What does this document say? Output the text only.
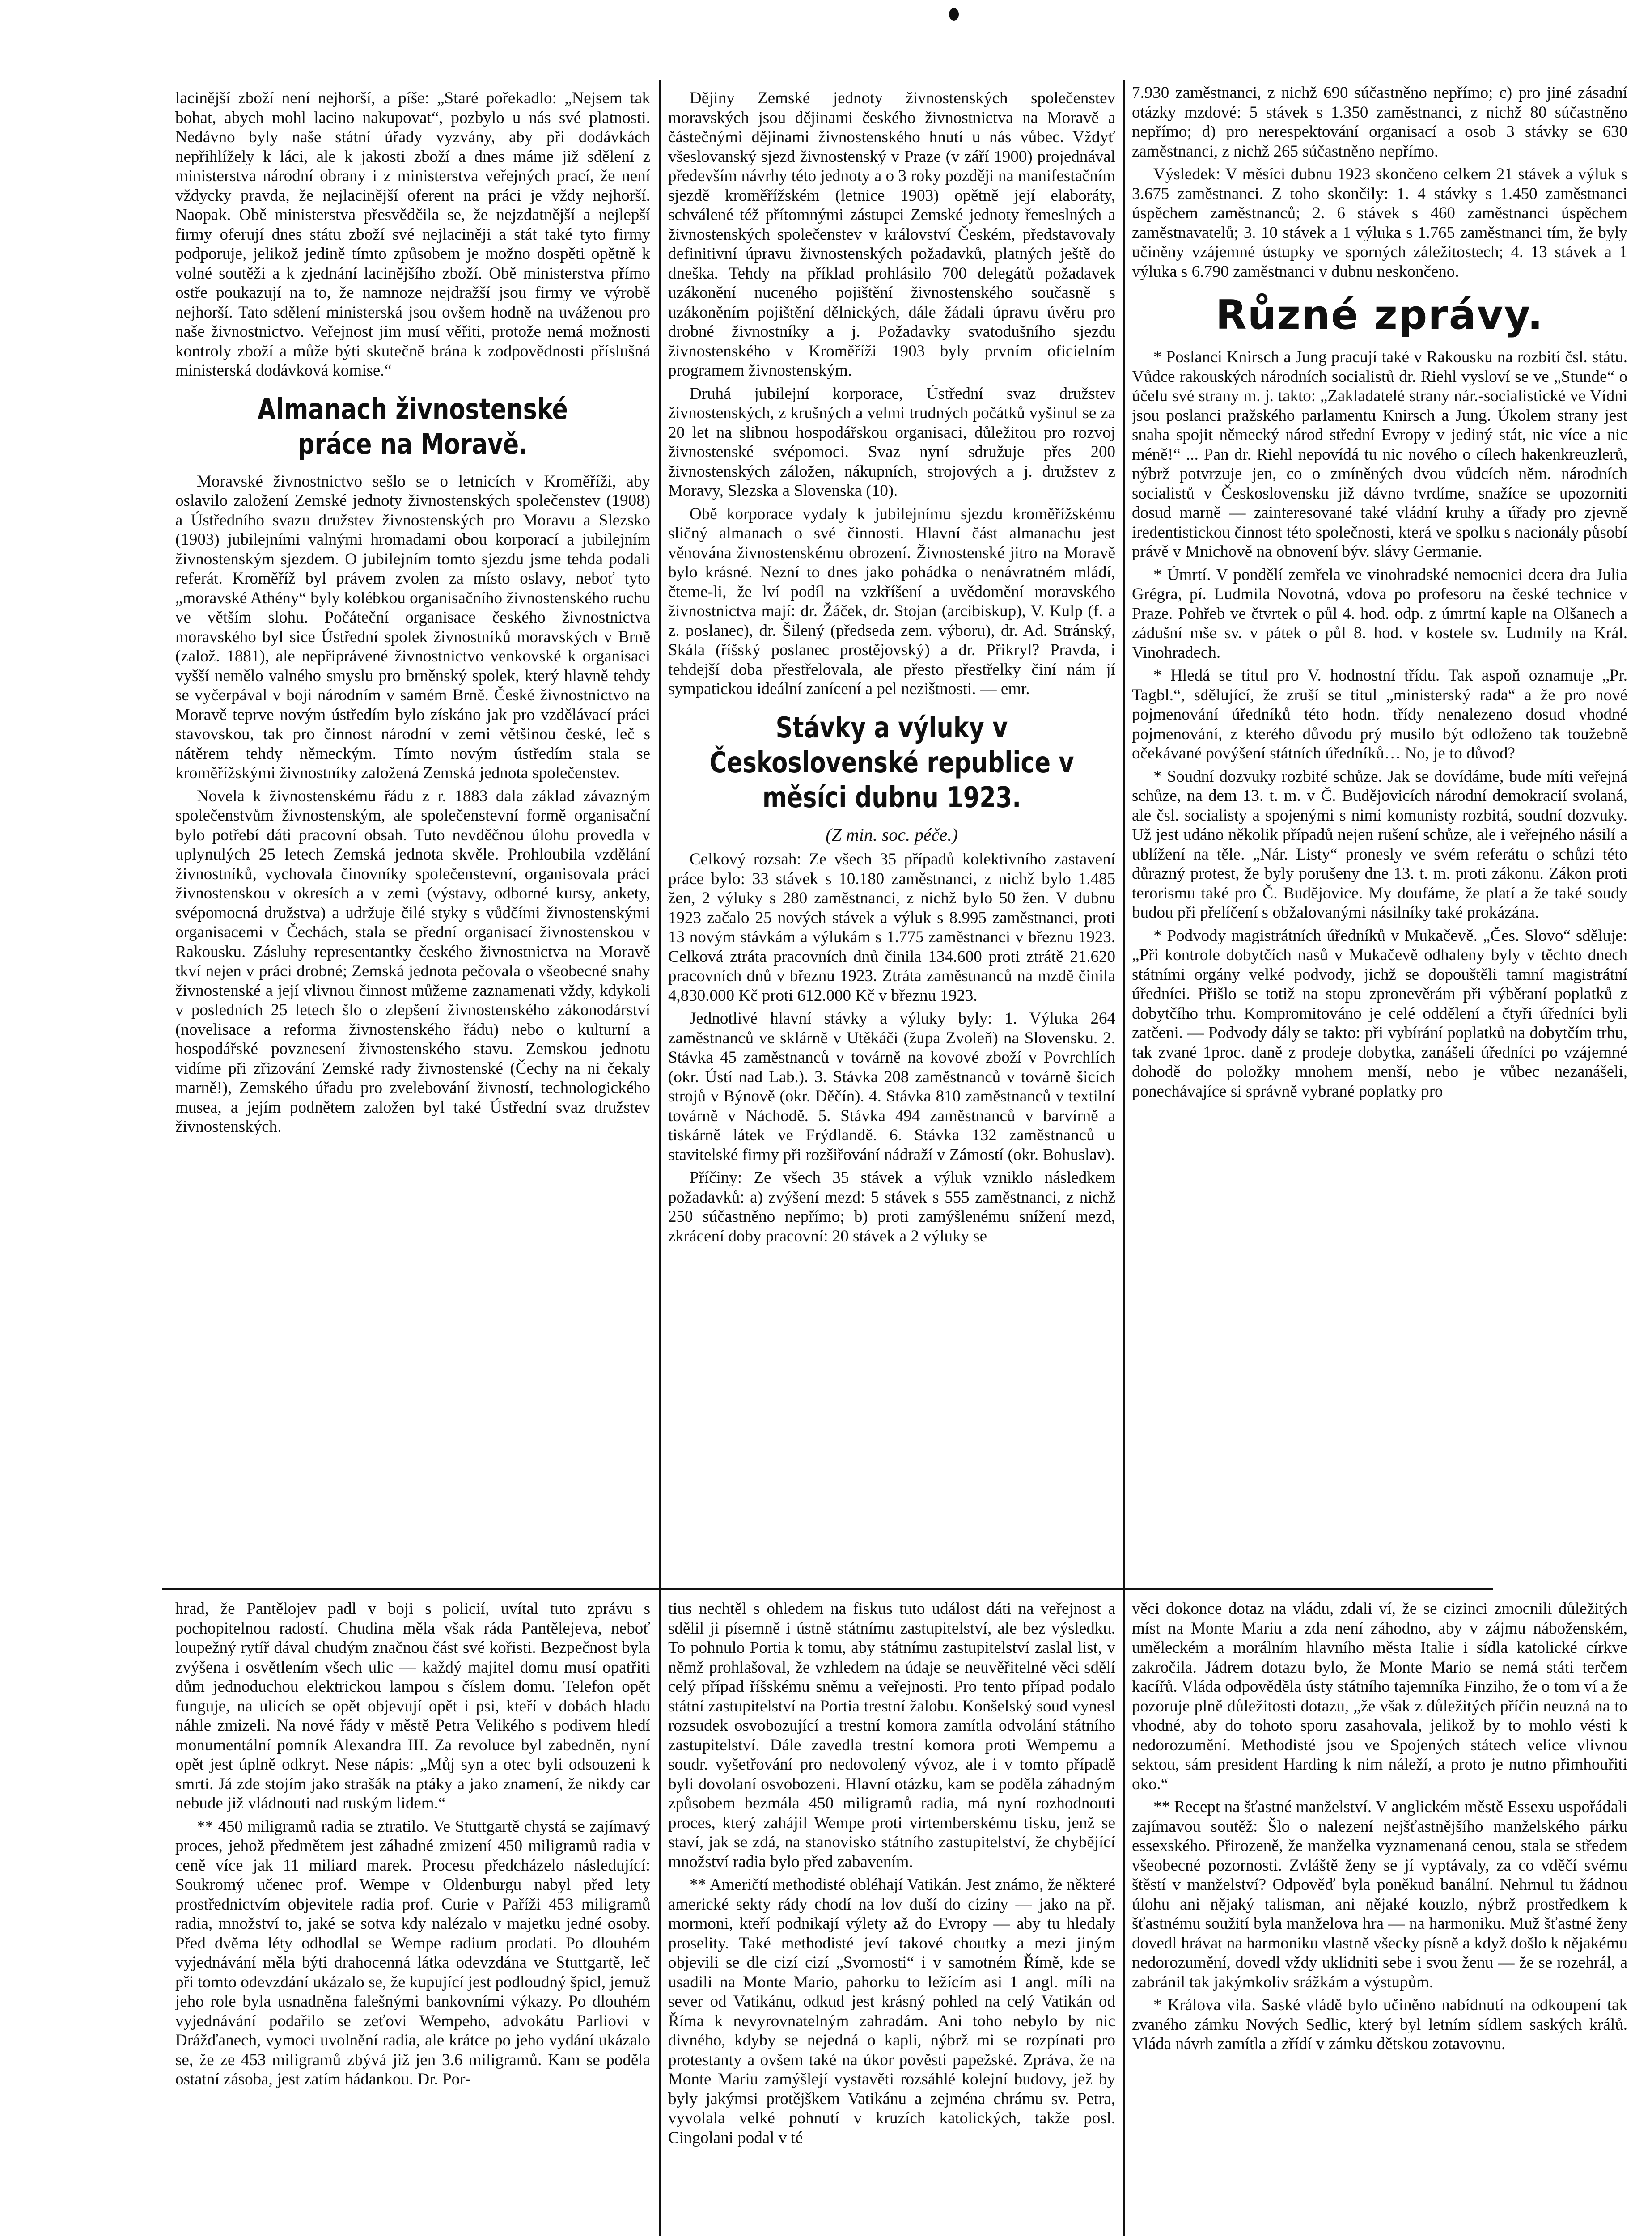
lacinější zboží není nejhorší, a píše: „Staré pořekadlo: „Nejsem tak bohat, abych mohl lacino nakupovat“, pozbylo u nás své platnosti. Nedávno byly naše státní úřady vyzvány, aby při dodávkách nepřihlížely k láci, ale k jakosti zboží a dnes máme již sdělení z ministerstva národní obrany i z ministerstva veřejných prací, že není vždycky pravda, že nejlacinější oferent na práci je vždy nejhorší. Naopak. Obě ministerstva přesvědčila se, že nejzdatnější a nejlepší firmy oferují dnes státu zboží své nejlaciněji a stát také tyto firmy podporuje, jelikož jedině tímto způsobem je možno dospěti opětně k volné soutěži a k zjednání lacinějšího zboží. Obě ministerstva přímo ostře poukazují na to, že namnoze nejdražší jsou firmy ve výrobě nejhorší. Tato sdělení ministerská jsou ovšem hodně na uváženou pro naše živnostnictvo. Veřejnost jim musí věřiti, protože nemá možnosti kontroly zboží a může býti skutečně brána k zodpovědnosti příslušná ministerská dodávková komise.“

Almanach živnostenské práce na Moravě.

Moravské živnostnictvo sešlo se o letnicích v Kroměříži, aby oslavilo založení Zemské jednoty živnostenských společenstev (1908) a Ústředního svazu družstev živnostenských pro Moravu a Slezsko (1903) jubilejními valnými hromadami obou korporací a jubilejním živnostenským sjezdem. O jubilejním tomto sjezdu jsme tehda podali referát. Kroměříž byl právem zvolen za místo oslavy, neboť tyto „moravské Athény“ byly kolébkou organisačního živnostenského ruchu ve větším slohu. Počáteční organisace českého živnostnictva moravského byl sice Ústřední spolek živnostníků moravských v Brně (založ. 1881), ale nepřiprávené živnostnictvo venkovské k organisaci vyšší nemělo valného smyslu pro brněnský spolek, který hlavně tehdy se vyčerpával v boji národním v samém Brně. České živnostnictvo na Moravě teprve novým ústředím bylo získáno jak pro vzdělávací práci stavovskou, tak pro činnost národní v zemi většinou české, leč s nátěrem tehdy německým. Tímto novým ústředím stala se kroměřížskými živnostníky založená Zemská jednota společenstev.

Novela k živnostenskému řádu z r. 1883 dala základ závazným společenstvům živnostenským, ale společenstevní formě organisační bylo potřebí dáti pracovní obsah. Tuto nevděčnou úlohu provedla v uplynulých 25 letech Zemská jednota skvěle. Prohloubila vzdělání živnostníků, vychovala činovníky společenstevní, organisovala práci živnostenskou v okresích a v zemi (výstavy, odborné kursy, ankety, svépomocná družstva) a udržuje čilé styky s vůdčími živnostenskými organisacemi v Čechách, stala se přední organisací živnostenskou v Rakousku. Zásluhy representantky českého živnostnictva na Moravě tkví nejen v práci drobné; Zemská jednota pečovala o všeobecné snahy živnostenské a její vlivnou činnost můžeme zaznamenati vždy, kdykoli v posledních 25 letech šlo o zlepšení živnostenského zákonodárství (novelisace a reforma živnostenského řádu) nebo o kulturní a hospodářské povznesení živnostenského stavu. Zemskou jednotu vidíme při zřizování Zemské rady živnostenské (Čechy na ni čekaly marně!), Zemského úřadu pro zvelebování živností, technologického musea, a jejím podnětem založen byl také Ústřední svaz družstev živnostenských.

Dějiny Zemské jednoty živnostenských společenstev moravských jsou dějinami českého živnostnictva na Moravě a částečnými dějinami živnostenského hnutí u nás vůbec. Vždyť všeslovanský sjezd živnostenský v Praze (v září 1900) projednával především návrhy této jednoty a o 3 roky později na manifestačním sjezdě kroměřížském (letnice 1903) opětně její elaboráty, schválené též přítomnými zástupci Zemské jednoty řemeslných a živnostenských společenstev v království Českém, představovaly definitivní úpravu živnostenských požadavků, platných ještě do dneška. Tehdy na příklad prohlásilo 700 delegátů požadavek uzákonění nuceného pojištění živnostenského současně s uzákoněním pojištění dělnických, dále žádali úpravu úvěru pro drobné živnostníky a j. Požadavky svatodušního sjezdu živnostenského v Kroměříži 1903 byly prvním oficielním programem živnostenským.

Druhá jubilejní korporace, Ústřední svaz družstev živnostenských, z krušných a velmi trudných počátků vyšinul se za 20 let na slibnou hospodářskou organisaci, důležitou pro rozvoj živnostenské svépomoci. Svaz nyní sdružuje přes 200 živnostenských záložen, nákupních, strojových a j. družstev z Moravy, Slezska a Slovenska (10).

Obě korporace vydaly k jubilejnímu sjezdu kroměřížskému sličný almanach o své činnosti. Hlavní část almanachu jest věnována živnostenskému obrození. Živnostenské jitro na Moravě bylo krásné. Nezní to dnes jako pohádka o nenávratném mládí, čteme-li, že lví podíl na vzkříšení a uvědomění moravského živnostnictva mají: dr. Žáček, dr. Stojan (arcibiskup), V. Kulp (f. a z. poslanec), dr. Šilený (předseda zem. výboru), dr. Ad. Stránský, Skála (říšský poslanec prostějovský) a dr. Přikryl? Pravda, i tehdejší doba přestřelovala, ale přesto přestřelky činí nám jí sympatickou ideální zanícení a pel nezištnosti. — emr.

Stávky a výluky v Československé republice v měsíci dubnu 1923.
(Z min. soc. péče.)

Celkový rozsah: Ze všech 35 případů kolektivního zastavení práce bylo: 33 stávek s 10.180 zaměstnanci, z nichž bylo 1.485 žen, 2 výluky s 280 zaměstnanci, z nichž bylo 50 žen. V dubnu 1923 začalo 25 nových stávek a výluk s 8.995 zaměstnanci, proti 13 novým stávkám a výlukám s 1.775 zaměstnanci v březnu 1923. Celková ztráta pracovních dnů činila 134.600 proti ztrátě 21.620 pracovních dnů v březnu 1923. Ztráta zaměstnanců na mzdě činila 4,830.000 Kč proti 612.000 Kč v březnu 1923.

Jednotlivé hlavní stávky a výluky byly: 1. Výluka 264 zaměstnanců ve sklárně v Utěkáči (župa Zvoleň) na Slovensku. 2. Stávka 45 zaměstnanců v továrně na kovové zboží v Povrchlích (okr. Ústí nad Lab.). 3. Stávka 208 zaměstnanců v továrně šicích strojů v Býnově (okr. Děčín). 4. Stávka 810 zaměstnanců v textilní továrně v Náchodě. 5. Stávka 494 zaměstnanců v barvírně a tiskárně látek ve Frýdlandě. 6. Stávka 132 zaměstnanců u stavitelské firmy při rozšiřování nádraží v Zámostí (okr. Bohuslav).

Příčiny: Ze všech 35 stávek a výluk vzniklo následkem požadavků: a) zvýšení mezd: 5 stávek s 555 zaměstnanci, z nichž 250 súčastněno nepřímo; b) proti zamýšlenému snížení mezd, zkrácení doby pracovní: 20 stávek a 2 výluky se

7.930 zaměstnanci, z nichž 690 súčastněno nepřímo; c) pro jiné zásadní otázky mzdové: 5 stávek s 1.350 zaměstnanci, z nichž 80 súčastněno nepřímo; d) pro nerespektování organisací a osob 3 stávky se 630 zaměstnanci, z nichž 265 súčastněno nepřímo.

Výsledek: V měsíci dubnu 1923 skončeno celkem 21 stávek a výluk s 3.675 zaměstnanci. Z toho skončily: 1. 4 stávky s 1.450 zaměstnanci úspěchem zaměstnanců; 2. 6 stávek s 460 zaměstnanci úspěchem zaměstnavatelů; 3. 10 stávek a 1 výluka s 1.765 zaměstnanci tím, že byly učiněny vzájemné ústupky ve sporných záležitostech; 4. 13 stávek a 1 výluka s 6.790 zaměstnanci v dubnu neskončeno.

Různé zprávy.

* Poslanci Knirsch a Jung pracují také v Rakousku na rozbití čsl. státu. Vůdce rakouských národních socialistů dr. Riehl vysloví se ve „Stunde“ o účelu své strany m. j. takto: „Zakladatelé strany nár.-socialistické ve Vídni jsou poslanci pražského parlamentu Knirsch a Jung. Úkolem strany jest snaha spojit německý národ střední Evropy v jediný stát, nic více a nic méně!“ ... Pan dr. Riehl nepovídá tu nic nového o cílech hakenkreuzlerů, nýbrž potvrzuje jen, co o zmíněných dvou vůdcích něm. národních socialistů v Československu již dávno tvrdíme, snažíce se upozorniti dosud marně — zainteresované také vládní kruhy a úřady pro zjevně iredentistickou činnost této společnosti, která ve spolku s nacionály působí právě v Mnichově na obnovení býv. slávy Germanie.

* Úmrtí. V pondělí zemřela ve vinohradské nemocnici dcera dra Julia Grégra, pí. Ludmila Novotná, vdova po profesoru na české technice v Praze. Pohřeb ve čtvrtek o půl 4. hod. odp. z úmrtní kaple na Olšanech a zádušní mše sv. v pátek o půl 8. hod. v kostele sv. Ludmily na Král. Vinohradech.

* Hledá se titul pro V. hodnostní třídu. Tak aspoň oznamuje „Pr. Tagbl.“, sdělující, že zruší se titul „ministerský rada“ a že pro nové pojmenování úředníků této hodn. třídy nenalezeno dosud vhodné pojmenování, z kterého důvodu prý musilo být odloženo tak toužebně očekávané povýšení státních úředníků… No, je to důvod?

* Soudní dozvuky rozbité schůze. Jak se dovídáme, bude míti veřejná schůze, na dem 13. t. m. v Č. Budějovicích národní demokracií svolaná, ale čsl. socialisty a spojenými s nimi komunisty rozbitá, soudní dozvuky. Už jest udáno několik případů nejen rušení schůze, ale i veřejného násilí a ublížení na těle. „Nár. Listy“ pronesly ve svém referátu o schůzi této důrazný protest, že byly porušeny dne 13. t. m. proti zákonu. Zákon proti terorismu také pro Č. Budějovice. My doufáme, že platí a že také soudy budou při přelíčení s obžalovanými násilníky také prokázána.

* Podvody magistrátních úředníků v Mukačevě. „Čes. Slovo“ sděluje: „Při kontrole dobytčích nasů v Mukačevě odhaleny byly v těchto dnech státními orgány velké podvody, jichž se dopouštěli tamní magistrátní úředníci. Přišlo se totiž na stopu zpronevěrám při výběraní poplatků z dobytčího trhu. Kompromitováno je celé oddělení a čtyři úředníci byli zatčeni. — Podvody dály se takto: při vybírání poplatků na dobytčím trhu, tak zvané 1proc. daně z prodeje dobytka, zanášeli úředníci po vzájemné dohodě do položky mnohem menší, nebo je vůbec nezanášeli, ponechávajíce si správně vybrané poplatky pro

hrad, že Pantělojev padl v boji s policií, uvítal tuto zprávu s pochopitelnou radostí. Chudina měla však ráda Pantělejeva, neboť loupežný rytíř dával chudým značnou část své kořisti. Bezpečnost byla zvýšena i osvětlením všech ulic — každý majitel domu musí opatřiti dům jednoduchou elektrickou lampou s číslem domu. Telefon opět funguje, na ulicích se opět objevují opět i psi, kteří v dobách hladu náhle zmizeli. Na nové řády v městě Petra Velikého s podivem hledí monumentální pomník Alexandra III. Za revoluce byl zabedněn, nyní opět jest úplně odkryt. Nese nápis: „Můj syn a otec byli odsouzeni k smrti. Já zde stojím jako strašák na ptáky a jako znamení, že nikdy car nebude již vládnouti nad ruským lidem.“

** 450 miligramů radia se ztratilo. Ve Stuttgartě chystá se zajímavý proces, jehož předmětem jest záhadné zmizení 450 miligramů radia v ceně více jak 11 miliard marek. Procesu předcházelo následující: Soukromý učenec prof. Wempe v Oldenburgu nabyl před lety prostřednictvím objevitele radia prof. Curie v Paříži 453 miligramů radia, množství to, jaké se sotva kdy nalézalo v majetku jedné osoby. Před dvěma léty odhodlal se Wempe radium prodati. Po dlouhém vyjednávání měla býti drahocenná látka odevzdána ve Stuttgartě, leč při tomto odevzdání ukázalo se, že kupující jest podloudný špicl, jemuž jeho role byla usnadněna falešnými bankovními výkazy. Po dlouhém vyjednávání podařilo se zeťovi Wempeho, advokátu Parliovi v Drážďanech, vymoci uvolnění radia, ale krátce po jeho vydání ukázalo se, že ze 453 miligramů zbývá již jen 3.6 miligramů. Kam se poděla ostatní zásoba, jest zatím hádankou. Dr. Por-

tius nechtěl s ohledem na fiskus tuto událost dáti na veřejnost a sdělil ji písemně i ústně státnímu zastupitelství, ale bez výsledku. To pohnulo Portia k tomu, aby státnímu zastupitelství zaslal list, v němž prohlašoval, že vzhledem na údaje se neuvěřitelné věci sdělí celý případ říšskému sněmu a veřejnosti. Pro tento případ podalo státní zastupitelství na Portia trestní žalobu. Konšelský soud vynesl rozsudek osvobozující a trestní komora zamítla odvolání státního zastupitelství. Dále zavedla trestní komora proti Wempemu a soudr. vyšetřování pro nedovolený vývoz, ale i v tomto případě byli dovolaní osvobozeni. Hlavní otázku, kam se poděla záhadným způsobem bezmála 450 miligramů radia, má nyní rozhodnouti proces, který zahájil Wempe proti virtemberskému tisku, jenž se staví, jak se zdá, na stanovisko státního zastupitelství, že chybějící množství radia bylo před zabavením.

** Američtí methodisté obléhají Vatikán. Jest známo, že některé americké sekty rády chodí na lov duší do ciziny — jako na př. mormoni, kteří podnikají výlety až do Evropy — aby tu hledaly proselity. Také methodisté jeví takové choutky a mezi jiným objevili se dle cizí cizí „Svornosti“ i v samotném Římě, kde se usadili na Monte Mario, pahorku to ležícím asi 1 angl. míli na sever od Vatikánu, odkud jest krásný pohled na celý Vatikán od Říma k nevyrovnatelným zahradám. Ani toho nebylo by nic divného, kdyby se nejedná o kapli, nýbrž mi se rozpínati pro protestanty a ovšem také na úkor pověsti papežské. Zpráva, že na Monte Mariu zamýšlejí vystavěti rozsáhlé kolejní budovy, jež by byly jakýmsi protějškem Vatikánu a zejména chrámu sv. Petra, vyvolala velké pohnutí v kruzích katolických, takže posl. Cingolani podal v té

věci dokonce dotaz na vládu, zdali ví, že se cizinci zmocnili důležitých míst na Monte Mariu a zda není záhodno, aby v zájmu náboženském, uměleckém a morálním hlavního města Italie i sídla katolické církve zakročila. Jádrem dotazu bylo, že Monte Mario se nemá státi terčem kacířů. Vláda odpověděla ústy státního tajemníka Finziho, že o tom ví a že pozoruje plně důležitosti dotazu, „že však z důležitých příčin neuzná na to vhodné, aby do tohoto sporu zasahovala, jelikož by to mohlo vésti k nedorozumění. Methodisté jsou ve Spojených státech velice vlivnou sektou, sám president Harding k nim náleží, a proto je nutno přimhouřiti oko.“

** Recept na šťastné manželství. V anglickém městě Essexu uspořádali zajímavou soutěž: Šlo o nalezení nejšťastnějšího manželského párku essexského. Přirozeně, že manželka vyznamenaná cenou, stala se středem všeobecné pozornosti. Zvláště ženy se jí vyptávaly, za co vděčí svému štěstí v manželství? Odpověď byla poněkud banální. Nehrnul tu žádnou úlohu ani nějaký talisman, ani nějaké kouzlo, nýbrž prostředkem k šťastnému soužití byla manželova hra — na harmoniku. Muž šťastné ženy dovedl hrávat na harmoniku vlastně všecky písně a když došlo k nějakému nedorozumění, dovedl vždy uklidniti sebe i svou ženu — že se rozehrál, a zabránil tak jakýmkoliv srážkám a výstupům.

* Králova vila. Saské vládě bylo učiněno nabídnutí na odkoupení tak zvaného zámku Nových Sedlic, který byl letním sídlem saských králů. Vláda návrh zamítla a zřídí v zámku dětskou zotavovnu.
